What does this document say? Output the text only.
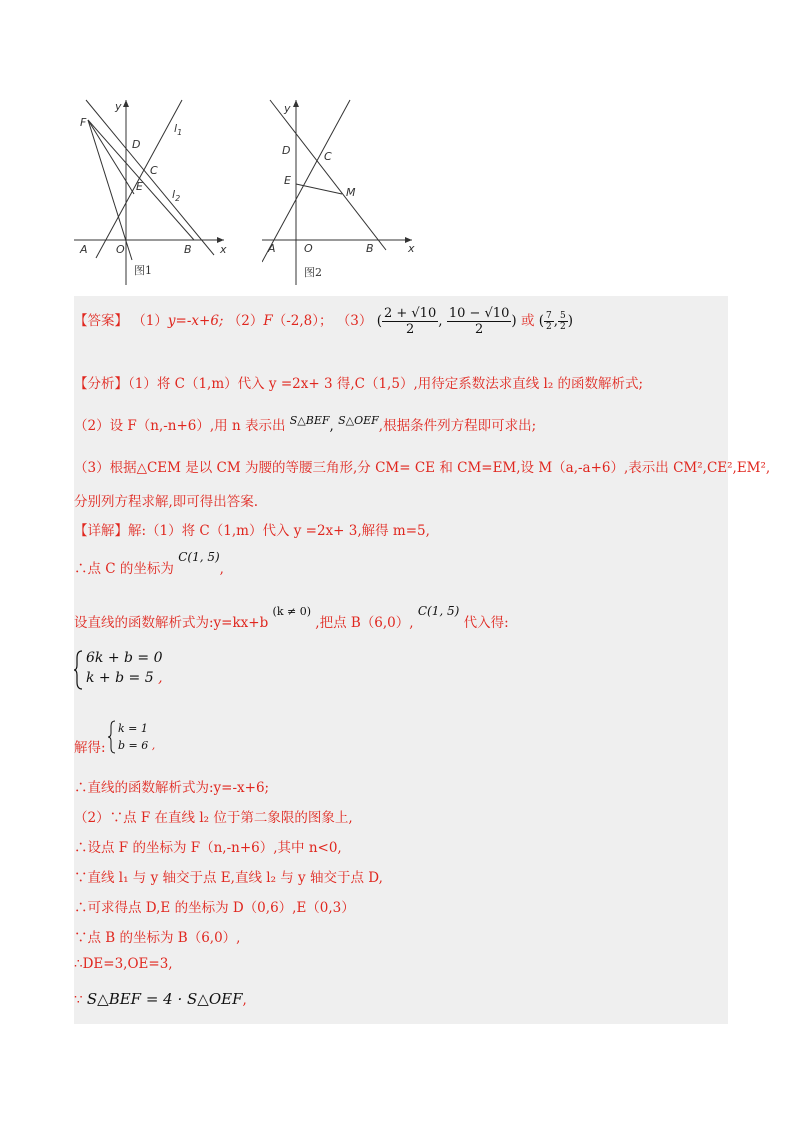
y
x
F
D
C
E
A	O	B
$l_1$
$l_2$
图1
y
x
D	C
E
M
A	O	B
图2
【答案】 （1）y=-x+6; （2）F（-2,8）； （3） ( $\frac{2 + √10}{2}$ , $\frac{10 - √10}{2}$ ) 或 ( $\frac{7}{2}$ , $\frac{5}{2}$ )
【分析】（1）将 C（1,m）代入 y =2x+ 3 得,C（1,5）,用待定系数法求直线 l₂ 的函数解析式;
（2）设 F（n,-n+6）,用 n 表示出 $^{S\triangle BEF}$, $^{S\triangle OEF}$,根据条件列方程即可求出;
（3）根据△CEM 是以 CM 为腰的等腰三角形,分 CM= CE 和 CM=EM,设 M（a,-a+6）,表示出 CM²,CE²,EM²,
分别列方程求解,即可得出答案.
【详解】解:（1）将 C（1,m）代入 y =2x+ 3,解得 m=5,
∴点 C 的坐标为 C(1, 5),
设直线的函数解析式为:y=kx+b $^{(k \ne 0)}$ ,把点 B（6,0）, C(1, 5) 代入得:
6k + b = 0
k + b = 5 ,
解得:
k = 1
b = 6 ,
∴直线的函数解析式为:y=-x+6;
（2）∵点 F 在直线 l₂ 位于第二象限的图象上,
∴设点 F 的坐标为 F（n,-n+6）,其中 n<0,
∵直线 l₁ 与 y 轴交于点 E,直线 l₂ 与 y 轴交于点 D,
∴可求得点 D,E 的坐标为 D（0,6）,E（0,3）
∵点 B 的坐标为 B（6,0）,
∴DE=3,OE=3,
∵ S△BEF = 4 · S△OEF,
